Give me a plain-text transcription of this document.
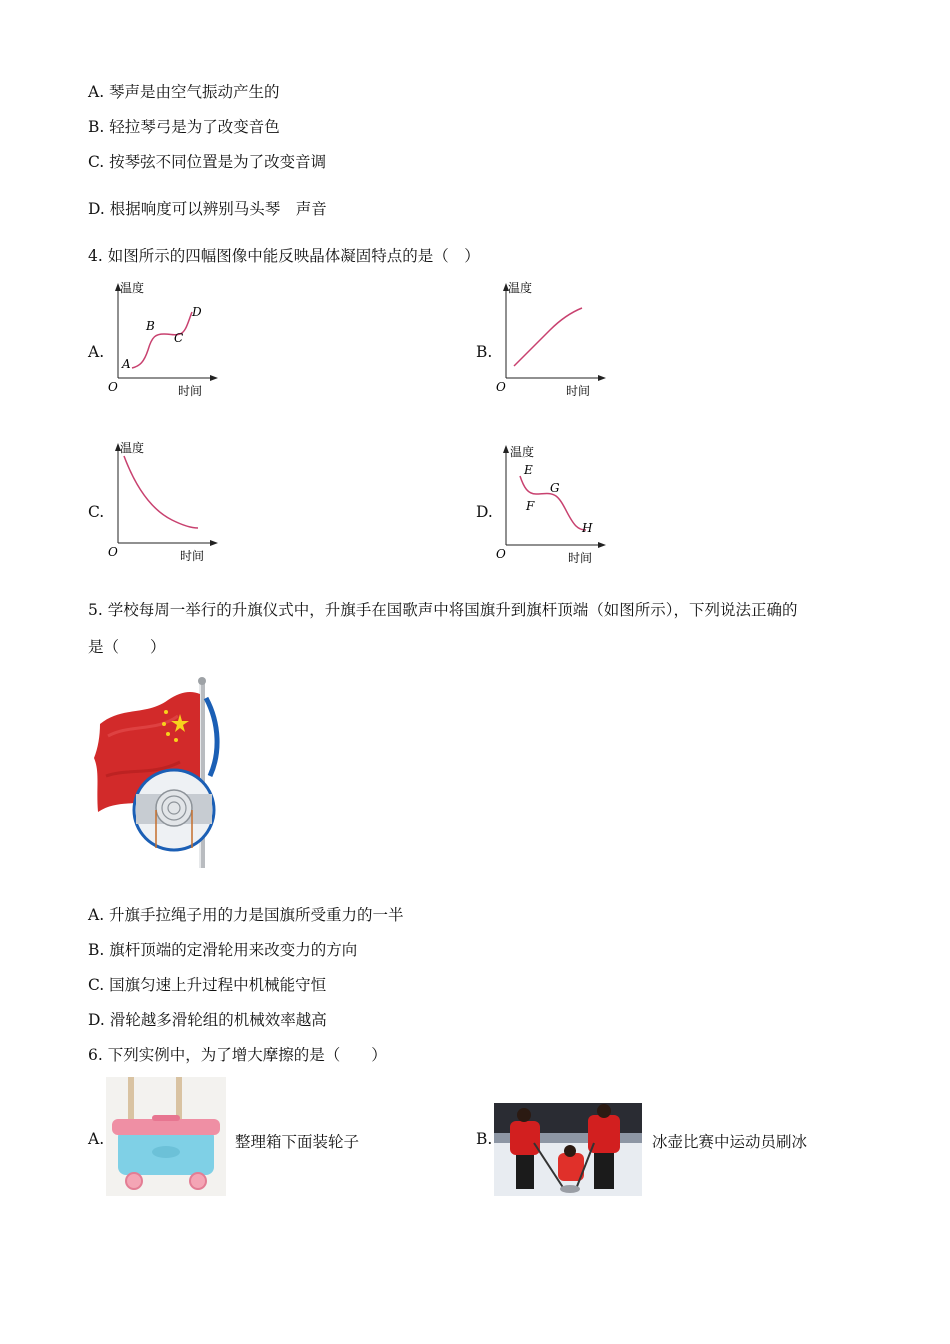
A. 琴声是由空气振动产生的
B. 轻拉琴弓是为了改变音色
C. 按琴弦不同位置是为了改变音调
D. 根据响度可以辨别马头琴　声音
4. 如图所示的四幅图像中能反映晶体凝固特点的是（　）
A.
温度
时间
O
A
B
C
D
B.
温度
时间
O
C.
温度
时间
O
D.
温度
时间
O
E
F
G
H
5. 学校每周一举行的升旗仪式中，升旗手在国歌声中将国旗升到旗杆顶端（如图所示），下列说法正确的
是（　　）
A. 升旗手拉绳子用的力是国旗所受重力的一半
B. 旗杆顶端的定滑轮用来改变力的方向
C. 国旗匀速上升过程中机械能守恒
D. 滑轮越多滑轮组的机械效率越高
6. 下列实例中，为了增大摩擦的是（　　）
A.	整理箱下面装轮子	B.	冰壶比赛中运动员刷冰
